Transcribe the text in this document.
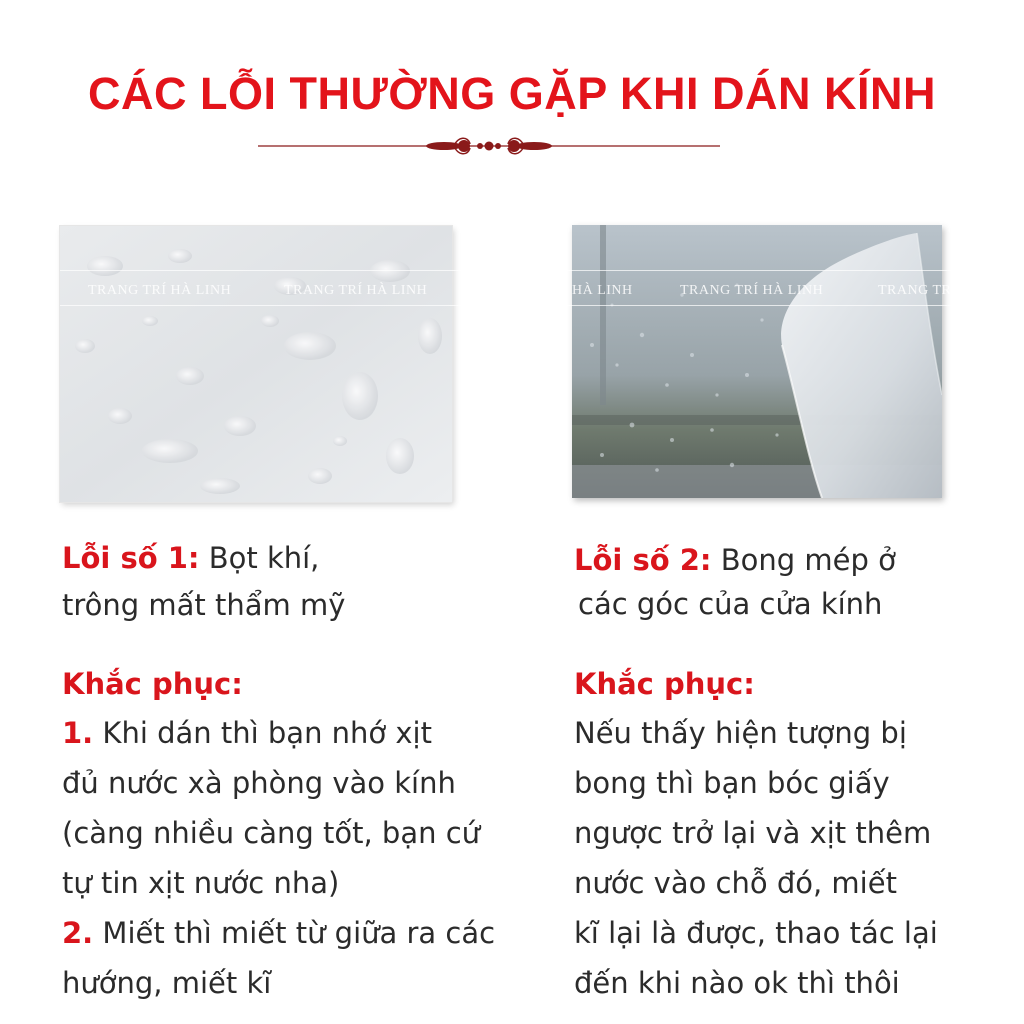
CÁC LỖI THƯỜNG GẶP KHI DÁN KÍNH
TRANG TRÍ HÀ LINH	TRANG TRÍ HÀ LINH	HÀ LINH	TRANG TRÍ HÀ LINH	TRANG TRÍ
Lỗi số 1: Bọt khí,
trông mất thẩm mỹ
Khắc phục:
1. Khi dán thì bạn nhớ xịt
đủ nước xà phòng vào kính
(càng nhiều càng tốt, bạn cứ
tự tin xịt nước nha)
2. Miết thì miết từ giữa ra các
hướng, miết kĩ
Lỗi số 2: Bong mép ở
các góc của cửa kính
Khắc phục:
Nếu thấy hiện tượng bị
bong thì bạn bóc giấy
ngược trở lại và xịt thêm
nước vào chỗ đó, miết
kĩ lại là được, thao tác lại
đến khi nào ok thì thôi
